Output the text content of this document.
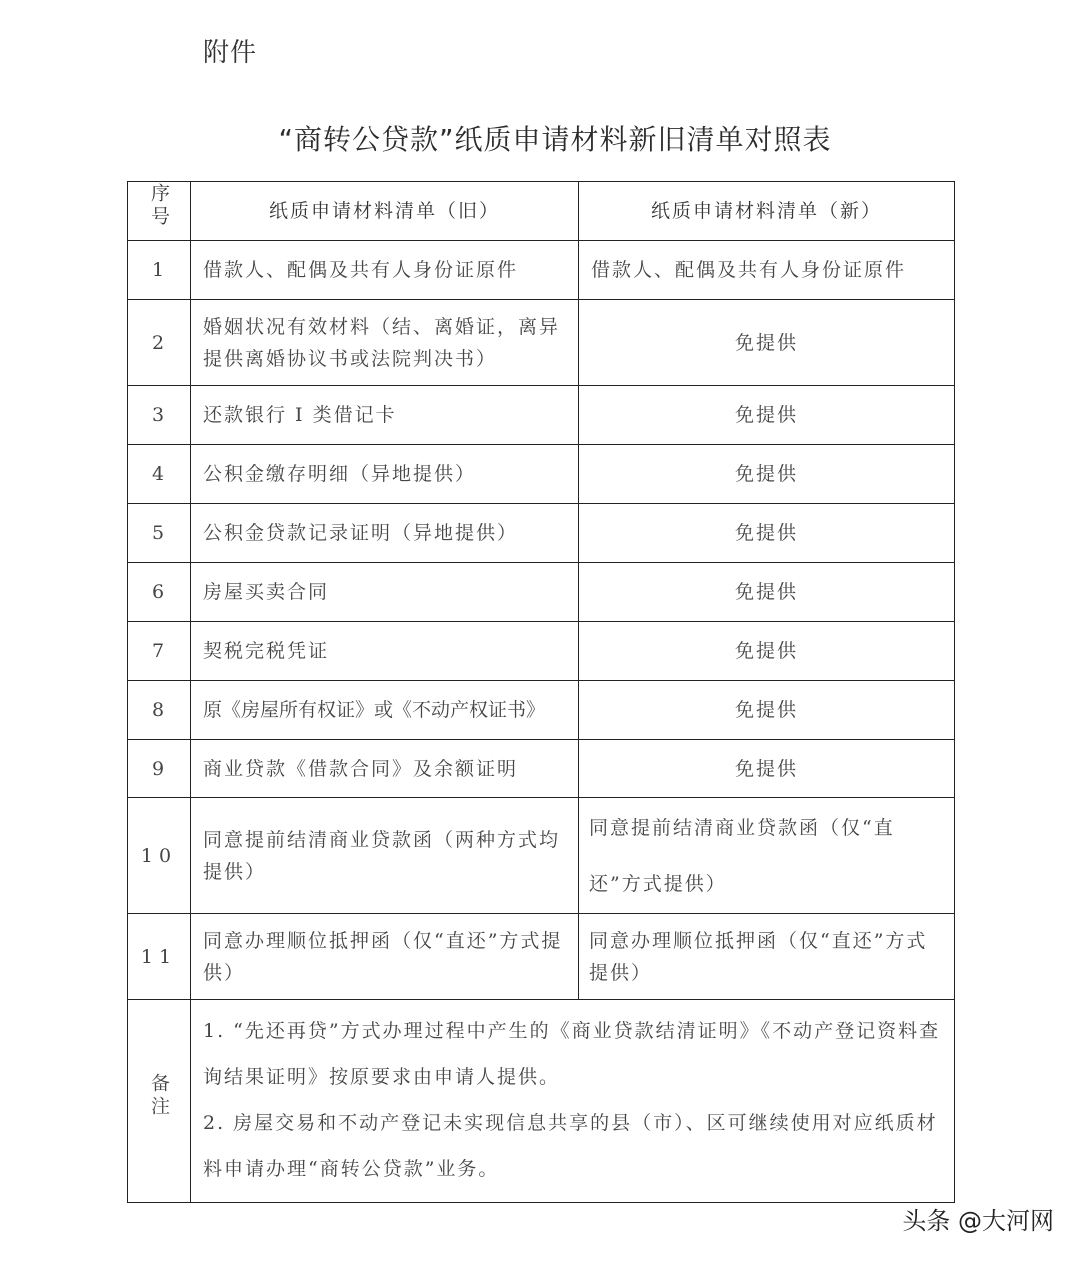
附件
“商转公贷款”纸质申请材料新旧清单对照表
序号	纸质申请材料清单（旧）	纸质申请材料清单（新）
1	借款人、配偶及共有人身份证原件	借款人、配偶及共有人身份证原件
2	婚姻状况有效材料（结、离婚证，离异提供离婚协议书或法院判决书）	免提供
3	还款银行 I 类借记卡	免提供
4	公积金缴存明细（异地提供）	免提供
5	公积金贷款记录证明（异地提供）	免提供
6	房屋买卖合同	免提供
7	契税完税凭证	免提供
8	原《房屋所有权证》或《不动产权证书》	免提供
9	商业贷款《借款合同》及余额证明	免提供
10	同意提前结清商业贷款函（两种方式均提供）	同意提前结清商业贷款函（仅“直还”方式提供）
11	同意办理顺位抵押函（仅“直还”方式提供）	同意办理顺位抵押函（仅“直还”方式提供）
备注	1. “先还再贷”方式办理过程中产生的《商业贷款结清证明》《不动产登记资料查询结果证明》按原要求由申请人提供。
2. 房屋交易和不动产登记未实现信息共享的县（市）、区可继续使用对应纸质材料申请办理“商转公贷款”业务。	
头条 @大河网
